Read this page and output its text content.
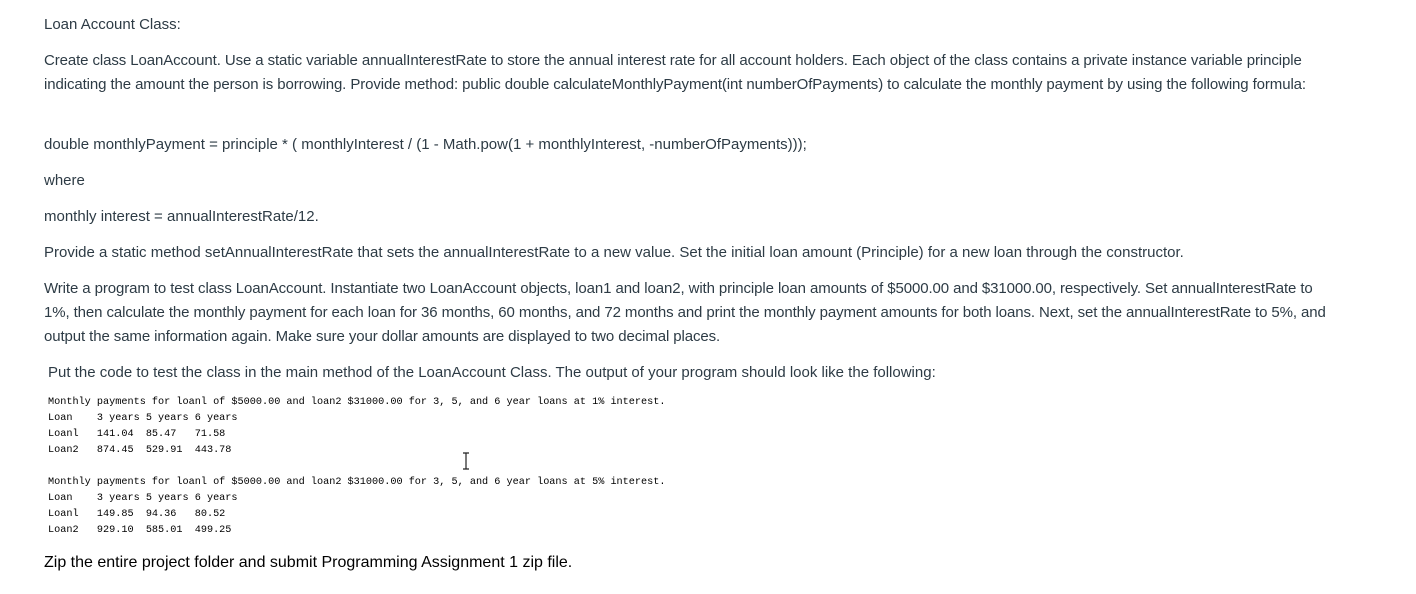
Loan Account Class:

Create class LoanAccount. Use a static variable annualInterestRate to store the annual interest rate for all account holders. Each object of the class contains a private instance variable principle indicating the amount the person is borrowing. Provide method: public double calculateMonthlyPayment(int numberOfPayments) to calculate the monthly payment by using the following formula:

double monthlyPayment = principle * ( monthlyInterest / (1 - Math.pow(1 + monthlyInterest, -numberOfPayments)));

where

monthly interest = annualInterestRate/12.

Provide a static method setAnnualInterestRate that sets the annualInterestRate to a new value. Set the initial loan amount (Principle) for a new loan through the constructor.

Write a program to test class LoanAccount. Instantiate two LoanAccount objects, loan1 and loan2, with principle loan amounts of $5000.00 and $31000.00, respectively. Set annualInterestRate to 1%, then calculate the monthly payment for each loan for 36 months, 60 months, and 72 months and print the monthly payment amounts for both loans. Next, set the annualInterestRate to 5%, and output the same information again. Make sure your dollar amounts are displayed to two decimal places.

Put the code to test the class in the main method of the LoanAccount Class. The output of your program should look like the following:

Monthly payments for loanl of $5000.00 and loan2 $31000.00 for 3, 5, and 6 year loans at 1% interest.
Loan    3 years 5 years 6 years
Loanl   141.04  85.47   71.58
Loan2   874.45  529.91  443.78
Monthly payments for loanl of $5000.00 and loan2 $31000.00 for 3, 5, and 6 year loans at 5% interest.
Loan    3 years 5 years 6 years
Loanl   149.85  94.36   80.52
Loan2   929.10  585.01  499.25

Zip the entire project folder and submit Programming Assignment 1 zip file.
